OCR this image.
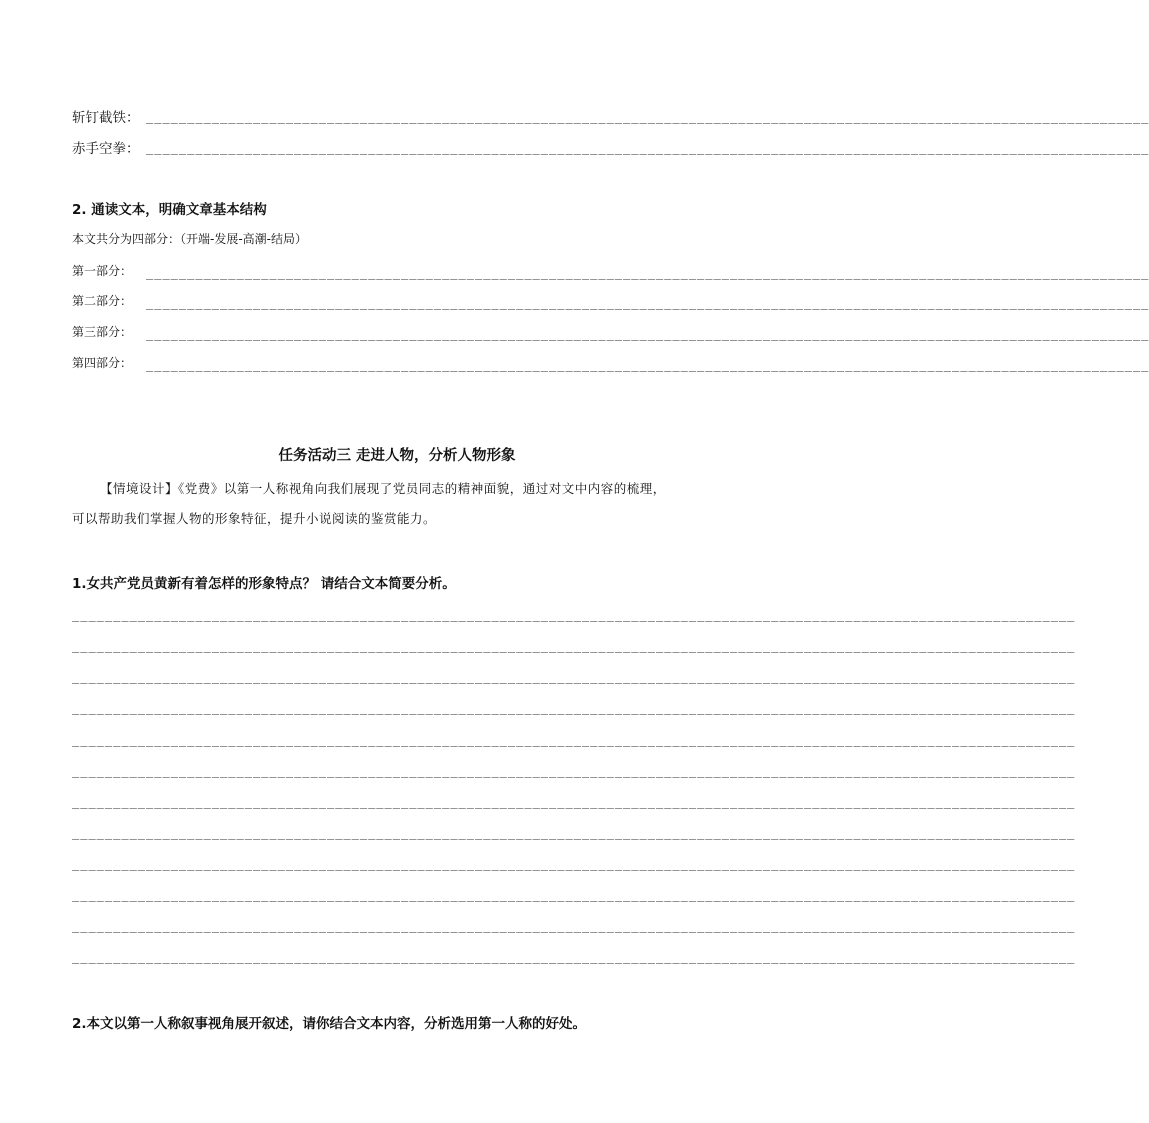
斩钉截铁： __________________________________________________________________________________________________________________________
赤手空拳： __________________________________________________________________________________________________________________________
2. 通读文本，明确文章基本结构
本文共分为四部分：（开端-发展-高潮-结局）
第一部分： __________________________________________________________________________________________________________________________
第二部分： __________________________________________________________________________________________________________________________
第三部分： __________________________________________________________________________________________________________________________
第四部分： __________________________________________________________________________________________________________________________
任务活动三 走进人物，分析人物形象
【情境设计】《党费》以第一人称视角向我们展现了党员同志的精神面貌，通过对文中内容的梳理，
可以帮助我们掌握人物的形象特征，提升小说阅读的鉴赏能力。
1.女共产党员黄新有着怎样的形象特点？ 请结合文本简要分析。
__________________________________________________________________________________________________________________________
__________________________________________________________________________________________________________________________
__________________________________________________________________________________________________________________________
__________________________________________________________________________________________________________________________
__________________________________________________________________________________________________________________________
__________________________________________________________________________________________________________________________
__________________________________________________________________________________________________________________________
__________________________________________________________________________________________________________________________
__________________________________________________________________________________________________________________________
__________________________________________________________________________________________________________________________
__________________________________________________________________________________________________________________________
__________________________________________________________________________________________________________________________
2.本文以第一人称叙事视角展开叙述，请你结合文本内容，分析选用第一人称的好处。
